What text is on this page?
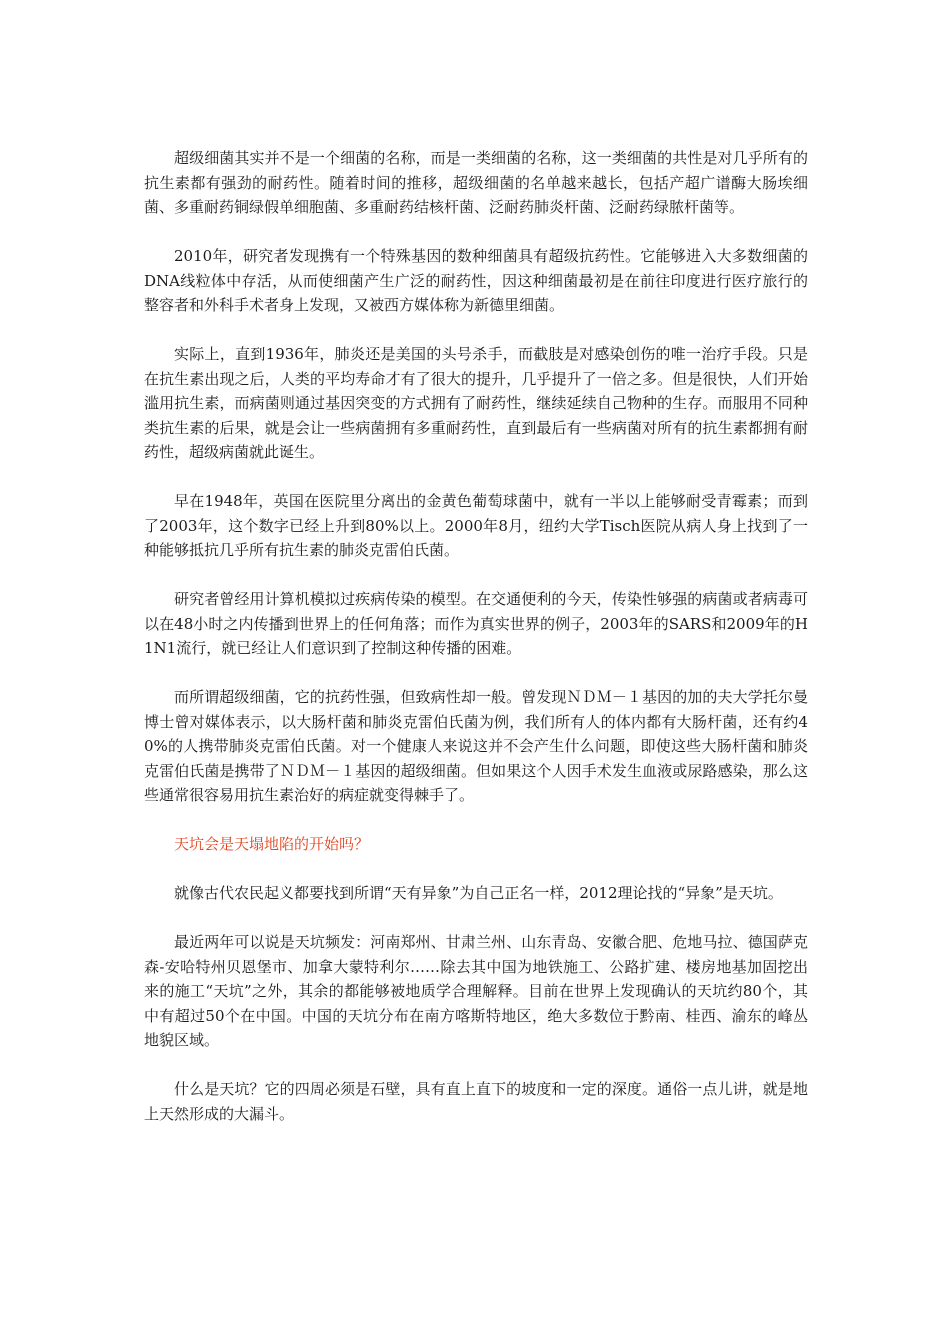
超级细菌其实并不是一个细菌的名称，而是一类细菌的名称，这一类细菌的共性是对几乎所有的抗生素都有强劲的耐药性。随着时间的推移，超级细菌的名单越来越长，包括产超广谱酶大肠埃细菌、多重耐药铜绿假单细胞菌、多重耐药结核杆菌、泛耐药肺炎杆菌、泛耐药绿脓杆菌等。

2010年，研究者发现携有一个特殊基因的数种细菌具有超级抗药性。它能够进入大多数细菌的DNA线粒体中存活，从而使细菌产生广泛的耐药性，因这种细菌最初是在前往印度进行医疗旅行的整容者和外科手术者身上发现，又被西方媒体称为新德里细菌。

实际上，直到1936年，肺炎还是美国的头号杀手，而截肢是对感染创伤的唯一治疗手段。只是在抗生素出现之后，人类的平均寿命才有了很大的提升，几乎提升了一倍之多。但是很快，人们开始滥用抗生素，而病菌则通过基因突变的方式拥有了耐药性，继续延续自己物种的生存。而服用不同种类抗生素的后果，就是会让一些病菌拥有多重耐药性，直到最后有一些病菌对所有的抗生素都拥有耐药性，超级病菌就此诞生。

早在1948年，英国在医院里分离出的金黄色葡萄球菌中，就有一半以上能够耐受青霉素；而到了2003年，这个数字已经上升到80%以上。2000年8月，纽约大学Tisch医院从病人身上找到了一种能够抵抗几乎所有抗生素的肺炎克雷伯氏菌。

研究者曾经用计算机模拟过疾病传染的模型。在交通便利的今天，传染性够强的病菌或者病毒可以在48小时之内传播到世界上的任何角落；而作为真实世界的例子，2003年的SARS和2009年的H1N1流行，就已经让人们意识到了控制这种传播的困难。

而所谓超级细菌，它的抗药性强，但致病性却一般。曾发现ＮＤＭ－１基因的加的夫大学托尔曼博士曾对媒体表示，以大肠杆菌和肺炎克雷伯氏菌为例，我们所有人的体内都有大肠杆菌，还有约40%的人携带肺炎克雷伯氏菌。对一个健康人来说这并不会产生什么问题，即使这些大肠杆菌和肺炎克雷伯氏菌是携带了ＮＤＭ－１基因的超级细菌。但如果这个人因手术发生血液或尿路感染，那么这些通常很容易用抗生素治好的病症就变得棘手了。

天坑会是天塌地陷的开始吗？

就像古代农民起义都要找到所谓“天有异象”为自己正名一样，2012理论找的“异象”是天坑。

最近两年可以说是天坑频发：河南郑州、甘肃兰州、山东青岛、安徽合肥、危地马拉、德国萨克森-安哈特州贝恩堡市、加拿大蒙特利尔……除去其中国为地铁施工、公路扩建、楼房地基加固挖出来的施工“天坑”之外，其余的都能够被地质学合理解释。目前在世界上发现确认的天坑约80个，其中有超过50个在中国。中国的天坑分布在南方喀斯特地区，绝大多数位于黔南、桂西、渝东的峰丛地貌区域。

什么是天坑？它的四周必须是石壁，具有直上直下的坡度和一定的深度。通俗一点儿讲，就是地上天然形成的大漏斗。
